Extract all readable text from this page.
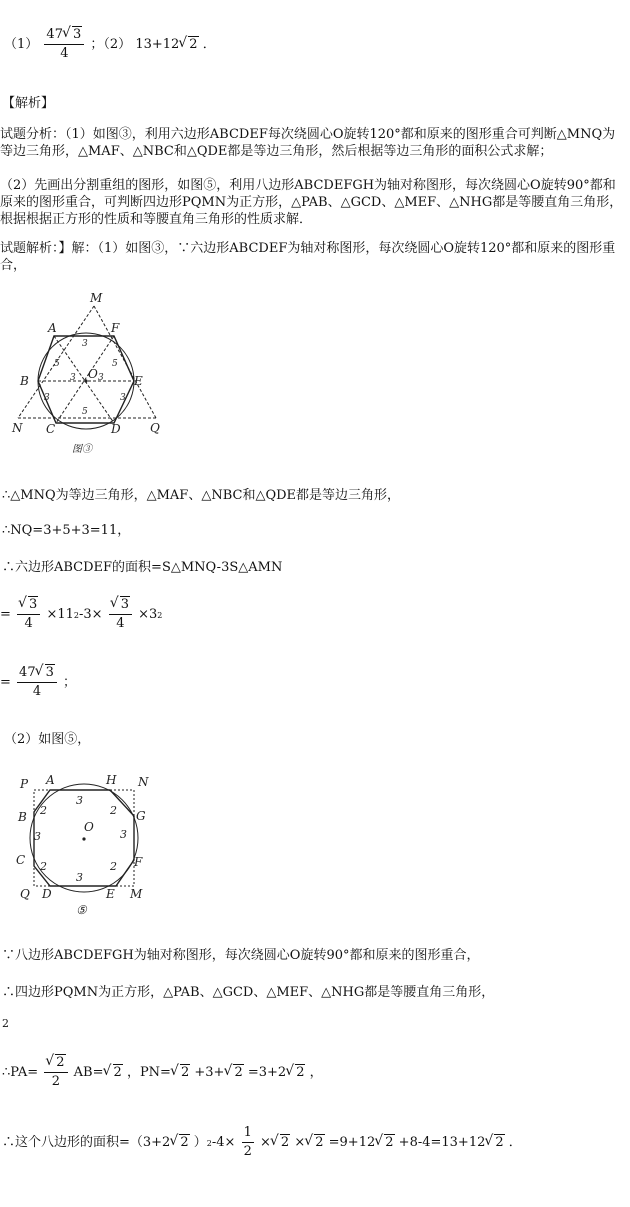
$(1) \frac{47 √ 3}{4}$ ；（2） 13+12 √ 2 ．
【解析】
试题分析：（1）如图③，利用六边形ABCDEF每次绕圆心O旋转120°都和原来的图形重合可判断△MNQ为等边三角形，△MAF、△NBC和△QDE都是等边三角形，然后根据等边三角形的面积公式求解；
（2）先画出分割重组的图形，如图⑤，利用八边形ABCDEFGH为轴对称图形，每次绕圆心O旋转90°都和原来的图形重合，可判断四边形PQMN为正方形，△PAB、△GCD、△MEF、△NHG都是等腰直角三角形，根据根据正方形的性质和等腰直角三角形的性质求解．
试题解析：】解：（1）如图③，∵六边形ABCDEF为轴对称图形，每次绕圆心O旋转120°都和原来的图形重合，
M
A	F
B	O	E
N C	D Q
3
5	5
3 3
3
5
3
图③
∴△MNQ为等边三角形，△MAF、△NBC和△QDE都是等边三角形，
∴NQ=3+5+3=11，
∴六边形ABCDEF的面积=S△MNQ-3S△AMN
= √ $\frac{3}{4} \times 112-3\times$ √ $\frac{3}{4} \times 32$
= $\frac{47 √ 3}{4}$ ；
（2）如图⑤，
P A	H N
B	G
O
C	F
Q D	E M
3
2	2
3	3
2	2
3
⑤
∵八边形ABCDEFGH为轴对称图形，每次绕圆心O旋转90°都和原来的图形重合，
∴四边形PQMN为正方形，△PAB、△GCD、△MEF、△NHG都是等腰直角三角形，
2
∴PA= √ $\frac{2}{2} AB=$ √ 2 ，PN= √ 2 +3+ √ 2 =3+2 √ 2 ，
∴这个八边形的面积=（3+2 √ 2 ）$2-4\times \frac{1}{2}$ × √ 2 × √ 2 =9+12 √ 2 +8-4=13+12 √ 2 ．
